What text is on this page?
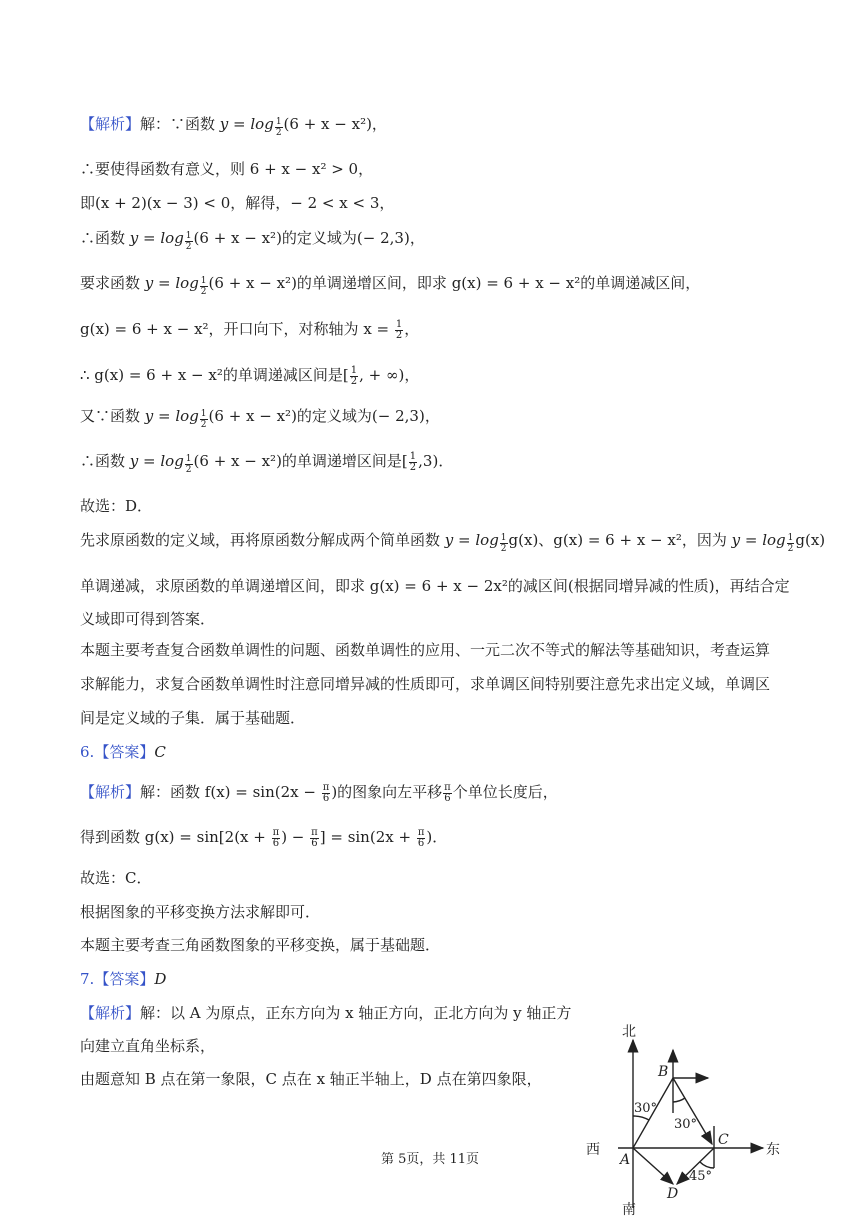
【解析】解：∵函数 $y = \log \frac{1}{2} (6 + x - x^2)$，
∴要使得函数有意义，则 6 + x − x² > 0，
即(x + 2)(x − 3) < 0，解得，− 2 < x < 3，
∴函数 $y = \log \frac{1}{2} (6 + x - x^2)$的定义域为(− 2,3)，
要求函数 $y = \log \frac{1}{2} (6 + x - x^2)$的单调递增区间，即求 g(x) = 6 + x − x²的单调递减区间，
g(x) = 6 + x − x²，开口向下，对称轴为 $x = \frac{1}{2}$ ，
∴ g(x) = 6 + x − x²的单调递减区间是[ $\frac{1}{2}$ , + ∞)，
又∵函数 $y = \log \frac{1}{2} (6 + x - x^2)$的定义域为(− 2,3)，
∴函数 $y = \log \frac{1}{2} (6 + x - x^2)$的单调递增区间是[ $\frac{1}{2} ,3$)．
故选：D．
先求原函数的定义域，再将原函数分解成两个简单函数 $y = \log \frac{1}{2} g(x)$、g(x) = 6 + x − x²，因为 $y = \log \frac{1}{2} g(x)$
单调递减，求原函数的单调递增区间，即求 g(x) = 6 + x − 2x²的减区间(根据同增异减的性质)，再结合定
义域即可得到答案．
本题主要考查复合函数单调性的问题、函数单调性的应用、一元二次不等式的解法等基础知识，考查运算
求解能力，求复合函数单调性时注意同增异减的性质即可，求单调区间特别要注意先求出定义域，单调区
间是定义域的子集．属于基础题．
6.【答案】C
【解析】解：函数 $f(x) = \sin(2x - \frac{\pi}{6}$ )的图象向左平移 $\frac{\pi}{6}$ 个单位长度后，
得到函数 $g(x) = \sin[2(x + \frac{\pi}{6}$ ) − $\frac{\pi}{6}$ ] = $\sin(2x + \frac{\pi}{6}$ )．
故选：C．
根据图象的平移变换方法求解即可．
本题主要考查三角函数图象的平移变换，属于基础题．
7.【答案】D
【解析】解：以 A 为原点，正东方向为 x 轴正方向，正北方向为 y 轴正方
向建立直角坐标系，
由题意知 B 点在第一象限，C 点在 x 轴正半轴上，D 点在第四象限，
北
南
西	东
A
B
C
D
30°
30°
45°
第 5页，共 11页
